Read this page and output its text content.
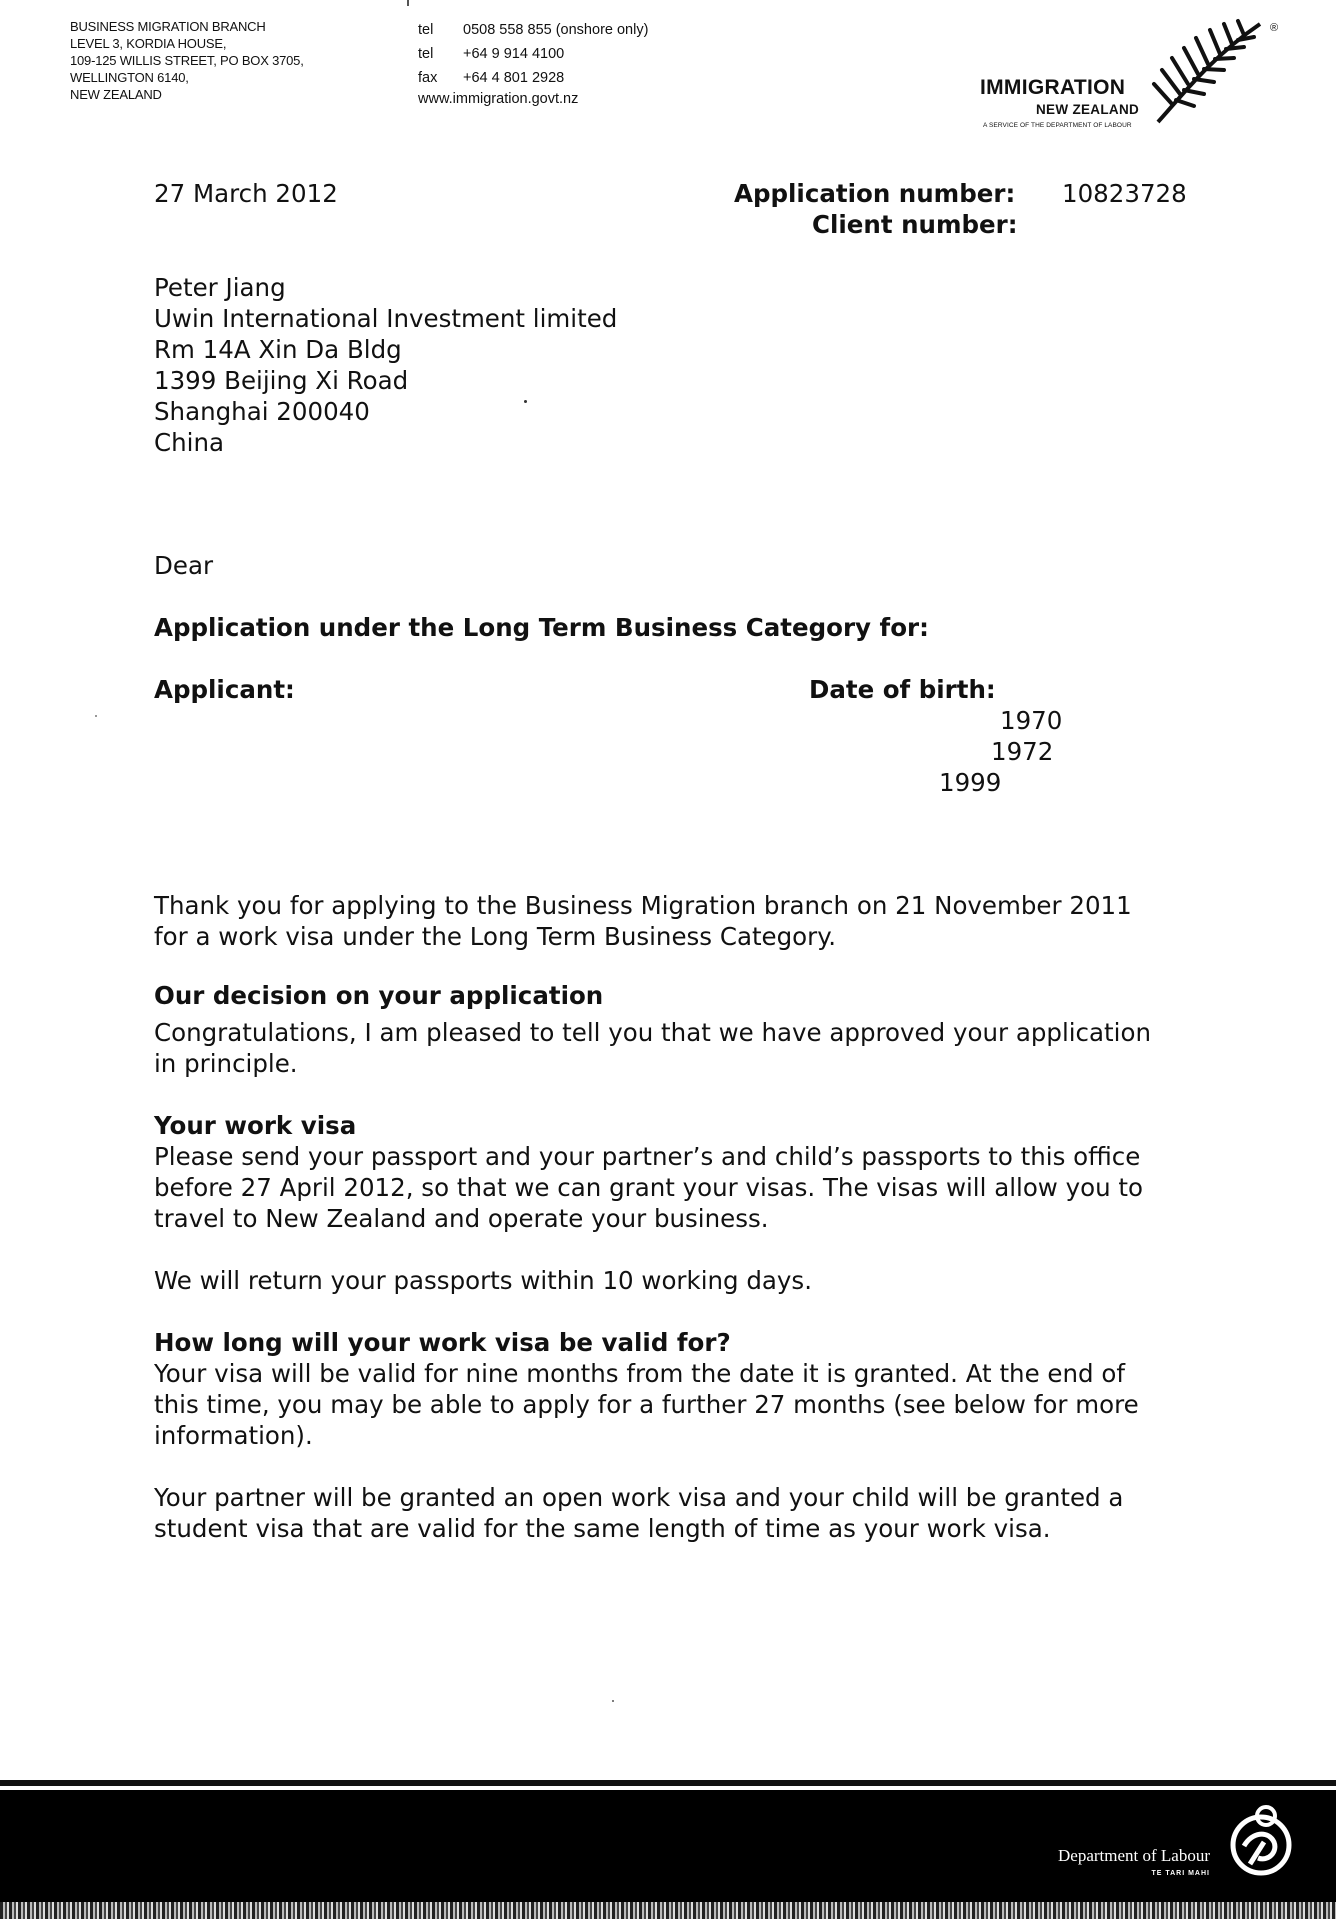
BUSINESS MIGRATION BRANCH
LEVEL 3, KORDIA HOUSE,
109-125 WILLIS STREET, PO BOX 3705,
WELLINGTON 6140,
NEW ZEALAND
tel 0508 558 855 (onshore only)
tel +64 9 914 4100
fax +64 4 801 2928
www.immigration.govt.nz	IMMIGRATION
NEW ZEALAND
A SERVICE OF THE DEPARTMENT OF LABOUR
®
27 March 2012	Application number: 10823728
Client number:
Peter Jiang
Uwin International Investment limited
Rm 14A Xin Da Bldg
1399 Beijing Xi Road
Shanghai 200040
China
Dear
Application under the Long Term Business Category for:
Applicant:	Date of birth:
1970
1972
1999
Thank you for applying to the Business Migration branch on 21 November 2011
for a work visa under the Long Term Business Category.
Our decision on your application
Congratulations, I am pleased to tell you that we have approved your application
in principle.
Your work visa
Please send your passport and your partner’s and child’s passports to this office
before 27 April 2012, so that we can grant your visas. The visas will allow you to
travel to New Zealand and operate your business.
We will return your passports within 10 working days.
How long will your work visa be valid for?
Your visa will be valid for nine months from the date it is granted. At the end of
this time, you may be able to apply for a further 27 months (see below for more
information).
Your partner will be granted an open work visa and your child will be granted a
student visa that are valid for the same length of time as your work visa.
Department of Labour
TE TARI MAHI
